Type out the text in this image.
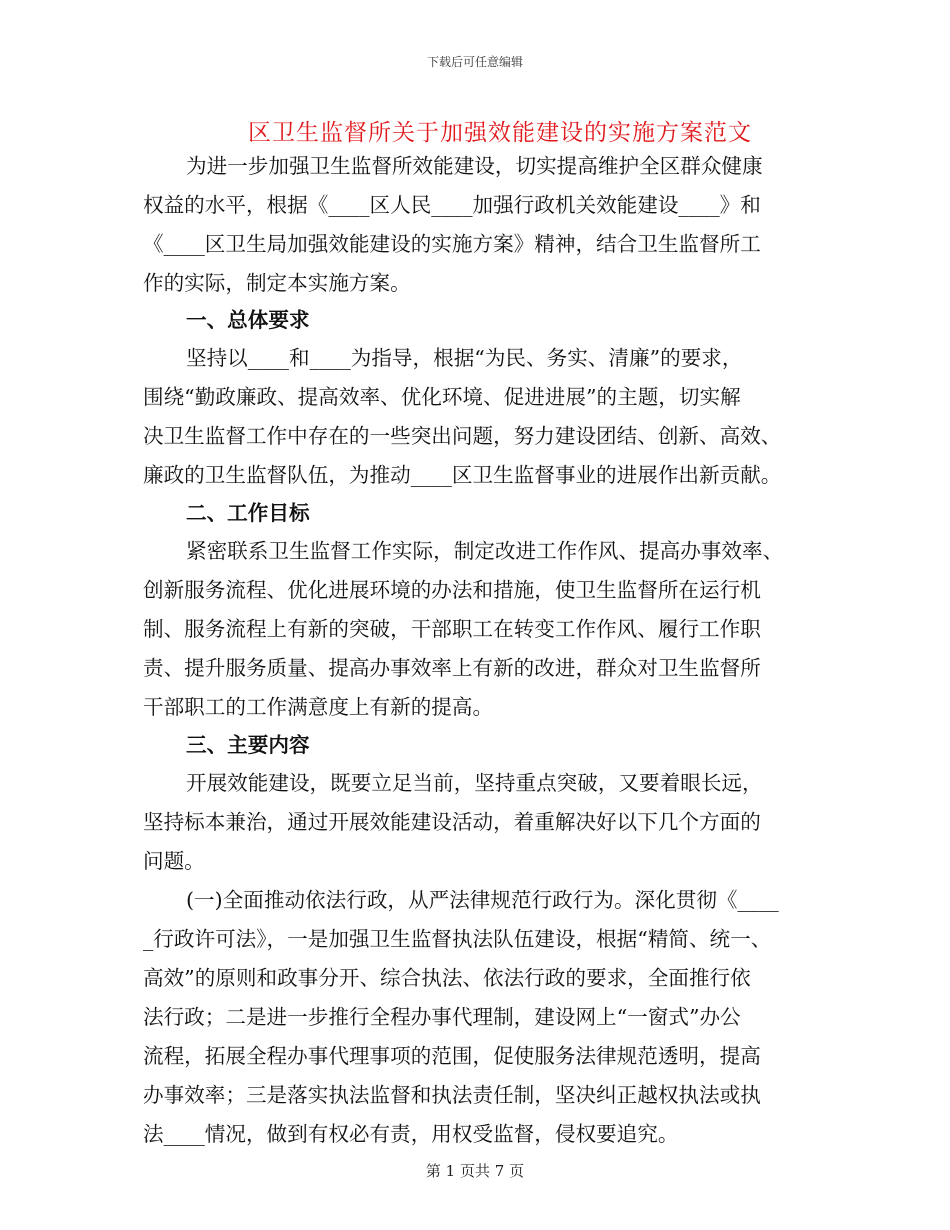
下载后可任意编辑
区卫生监督所关于加强效能建设的实施方案范文
为进一步加强卫生监督所效能建设，切实提高维护全区群众健康
权益的水平，根据《____区人民____加强行政机关效能建设____》和
《____区卫生局加强效能建设的实施方案》精神，结合卫生监督所工
作的实际，制定本实施方案。
一、总体要求
坚持以____和____为指导，根据“为民、务实、清廉”的要求，
围绕“勤政廉政、提高效率、优化环境、促进进展”的主题，切实解
决卫生监督工作中存在的一些突出问题，努力建设团结、创新、高效、
廉政的卫生监督队伍，为推动____区卫生监督事业的进展作出新贡献。
二、工作目标
紧密联系卫生监督工作实际，制定改进工作作风、提高办事效率、
创新服务流程、优化进展环境的办法和措施，使卫生监督所在运行机
制、服务流程上有新的突破，干部职工在转变工作作风、履行工作职
责、提升服务质量、提高办事效率上有新的改进，群众对卫生监督所
干部职工的工作满意度上有新的提高。
三、主要内容
开展效能建设，既要立足当前，坚持重点突破，又要着眼长远，
坚持标本兼治，通过开展效能建设活动，着重解决好以下几个方面的
问题。
(一)全面推动依法行政，从严法律规范行政行为。深化贯彻《____
_行政许可法》，一是加强卫生监督执法队伍建设，根据“精简、统一、
高效”的原则和政事分开、综合执法、依法行政的要求，全面推行依
法行政；二是进一步推行全程办事代理制，建设网上“一窗式”办公
流程，拓展全程办事代理事项的范围，促使服务法律规范透明，提高
办事效率；三是落实执法监督和执法责任制，坚决纠正越权执法或执
法____情况，做到有权必有责，用权受监督，侵权要追究。
第 1 页共 7 页
